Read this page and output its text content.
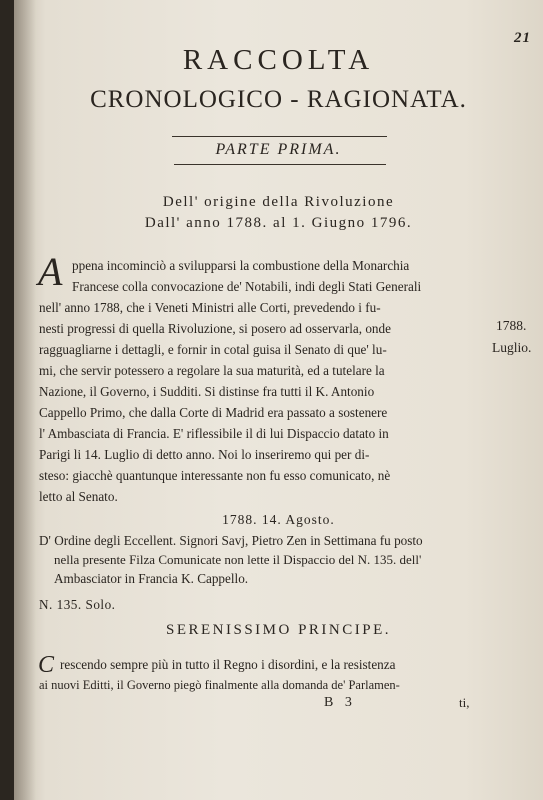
21
RACCOLTA
CRONOLOGICO - RAGIONATA.
PARTE PRIMA.
Dell' origine della Rivoluzione
Dall' anno 1788. al 1. Giugno 1796.
A ppena incominciò a svilupparsi la combustione della Monarchia
Francese colla convocazione de' Notabili, indi degli Stati Generali
nell' anno 1788, che i Veneti Ministri alle Corti, prevedendo i fu-
nesti progressi di quella Rivoluzione, si posero ad osservarla, onde
ragguagliarne i dettagli, e fornir in cotal guisa il Senato di que' lu-
mi, che servir potessero a regolare la sua maturità, ed a tutelare la
Nazione, il Governo, i Sudditi. Si distinse fra tutti il K. Antonio
Cappello Primo, che dalla Corte di Madrid era passato a sostenere
l' Ambasciata di Francia. E' riflessibile il di lui Dispaccio datato in
Parigi li 14. Luglio di detto anno. Noi lo inseriremo qui per di-
steso: giacchè quantunque interessante non fu esso comunicato, nè
letto al Senato.
1788.
Luglio.
1788. 14. Agosto.
D' Ordine degli Eccellent. Signori Savj, Pietro Zen in Settimana fu posto
nella presente Filza Comunicate non lette il Dispaccio del N. 135. dell'
Ambasciator in Francia K. Cappello.
N. 135. Solo.
SERENISSIMO PRINCIPE.
C rescendo sempre più in tutto il Regno i disordini, e la resistenza
ai nuovi Editti, il Governo piegò finalmente alla domanda de' Parlamen-
B 3	ti,
